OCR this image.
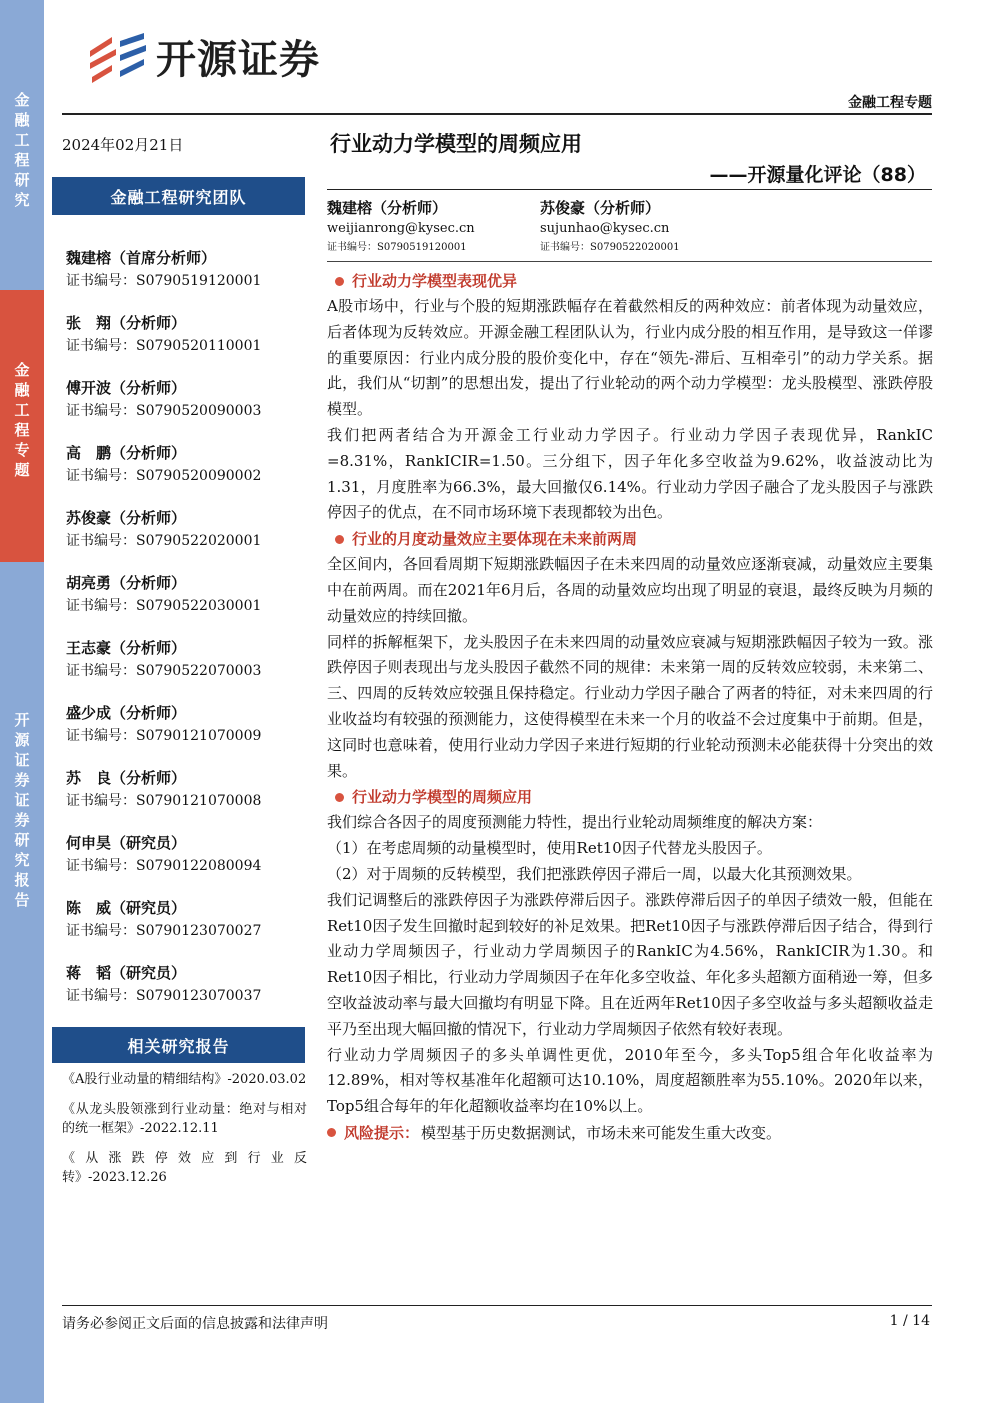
金融工程研究
金融工程专题
开源证券 证券研究报告
开源证券
金融工程专题
2024年02月21日
金融工程研究团队
魏建榕（首席分析师）
证书编号：S0790519120001
张　翔（分析师）
证书编号：S0790520110001
傅开波（分析师）
证书编号：S0790520090003
高　鹏（分析师）
证书编号：S0790520090002
苏俊豪（分析师）
证书编号：S0790522020001
胡亮勇（分析师）
证书编号：S0790522030001
王志豪（分析师）
证书编号：S0790522070003
盛少成（分析师）
证书编号：S0790121070009
苏　良（分析师）
证书编号：S0790121070008
何申昊（研究员）
证书编号：S0790122080094
陈　威（研究员）
证书编号：S0790123070027
蒋　韬（研究员）
证书编号：S0790123070037
相关研究报告
《A股行业动量的精细结构》-2020.03.02
《从龙头股领涨到行业动量：绝对与相对的统一框架》-2022.12.11
《从涨跌停效应到行业反转》-2023.12.26
行业动力学模型的周频应用
——开源量化评论（88）
魏建榕（分析师）
weijianrong@kysec.cn
证书编号：S0790519120001
苏俊豪（分析师）
sujunhao@kysec.cn
证书编号：S0790522020001
行业动力学模型表现优异

A股市场中，行业与个股的短期涨跌幅存在着截然相反的两种效应：前者体现为动量效应，后者体现为反转效应。开源金融工程团队认为，行业内成分股的相互作用，是导致这一佯谬的重要原因：行业内成分股的股价变化中，存在“领先-滞后、互相牵引”的动力学关系。据此，我们从“切割”的思想出发，提出了行业轮动的两个动力学模型：龙头股模型、涨跌停股模型。

我们把两者结合为开源金工行业动力学因子。行业动力学因子表现优异，RankIC =8.31%，RankICIR=1.50。三分组下，因子年化多空收益为9.62%，收益波动比为1.31，月度胜率为66.3%，最大回撤仅6.14%。行业动力学因子融合了龙头股因子与涨跌停因子的优点，在不同市场环境下表现都较为出色。

行业的月度动量效应主要体现在未来前两周

全区间内，各回看周期下短期涨跌幅因子在未来四周的动量效应逐渐衰减，动量效应主要集中在前两周。而在2021年6月后，各周的动量效应均出现了明显的衰退，最终反映为月频的动量效应的持续回撤。

同样的拆解框架下，龙头股因子在未来四周的动量效应衰减与短期涨跌幅因子较为一致。涨跌停因子则表现出与龙头股因子截然不同的规律：未来第一周的反转效应较弱，未来第二、三、四周的反转效应较强且保持稳定。行业动力学因子融合了两者的特征，对未来四周的行业收益均有较强的预测能力，这使得模型在未来一个月的收益不会过度集中于前期。但是，这同时也意味着，使用行业动力学因子来进行短期的行业轮动预测未必能获得十分突出的效果。

行业动力学模型的周频应用

我们综合各因子的周度预测能力特性，提出行业轮动周频维度的解决方案：

（1）在考虑周频的动量模型时，使用Ret10因子代替龙头股因子。

（2）对于周频的反转模型，我们把涨跌停因子滞后一周，以最大化其预测效果。

我们记调整后的涨跌停因子为涨跌停滞后因子。涨跌停滞后因子的单因子绩效一般，但能在Ret10因子发生回撤时起到较好的补足效果。把Ret10因子与涨跌停滞后因子结合，得到行业动力学周频因子，行业动力学周频因子的RankIC为4.56%，RankICIR为1.30。和Ret10因子相比，行业动力学周频因子在年化多空收益、年化多头超额方面稍逊一筹，但多空收益波动率与最大回撤均有明显下降。且在近两年Ret10因子多空收益与多头超额收益走平乃至出现大幅回撤的情况下，行业动力学周频因子依然有较好表现。

行业动力学周频因子的多头单调性更优，2010年至今，多头Top5组合年化收益率为12.89%，相对等权基准年化超额可达10.10%，周度超额胜率为55.10%。2020年以来，Top5组合每年的年化超额收益率均在10%以上。

风险提示： 模型基于历史数据测试，市场未来可能发生重大改变。
请务必参阅正文后面的信息披露和法律声明	1 / 14
